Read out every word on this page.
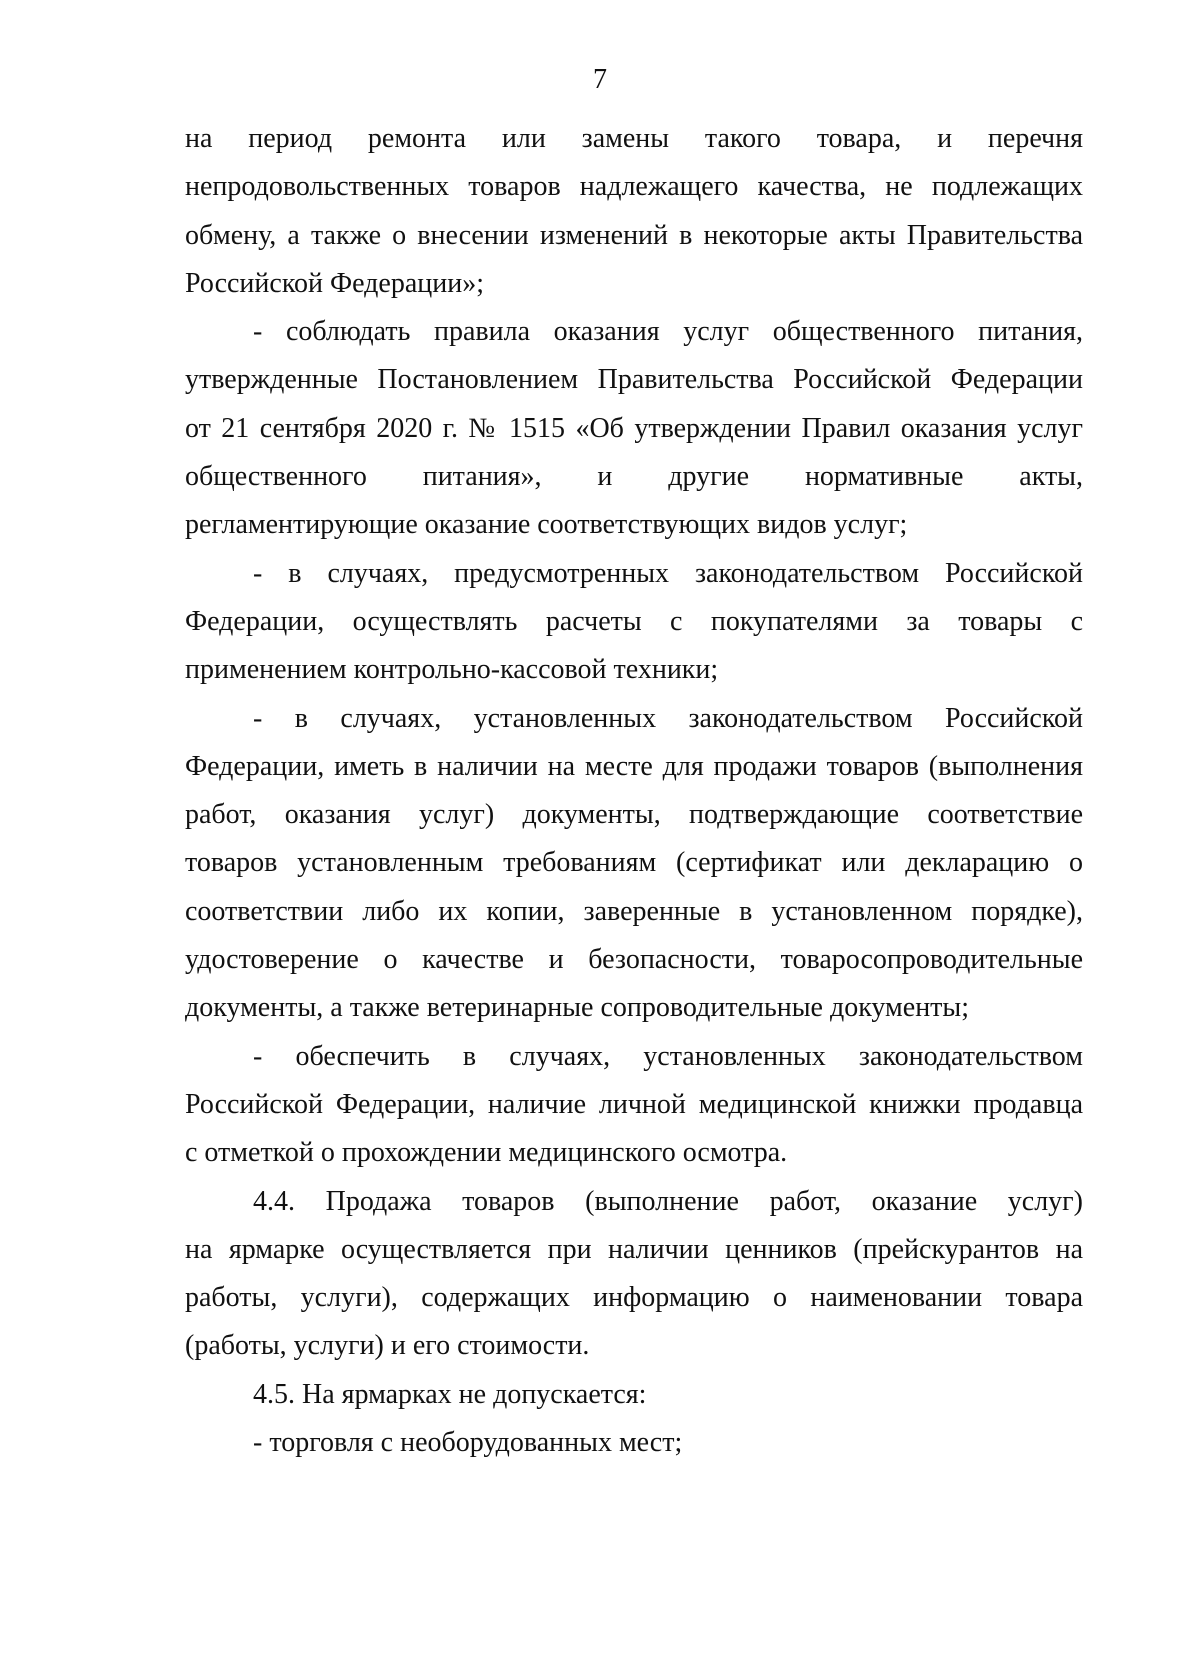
7
на период ремонта или замены такого товара, и перечня
непродовольственных товаров надлежащего качества, не подлежащих
обмену, а также о внесении изменений в некоторые акты Правительства
Российской Федерации»;
- соблюдать правила оказания услуг общественного питания,
утвержденные Постановлением Правительства Российской Федерации
от 21 сентября 2020 г. № 1515 «Об утверждении Правил оказания услуг
общественного питания», и другие нормативные акты,
регламентирующие оказание соответствующих видов услуг;
- в случаях, предусмотренных законодательством Российской
Федерации, осуществлять расчеты с покупателями за товары с
применением контрольно-кассовой техники;
- в случаях, установленных законодательством Российской
Федерации, иметь в наличии на месте для продажи товаров (выполнения
работ, оказания услуг) документы, подтверждающие соответствие
товаров установленным требованиям (сертификат или декларацию о
соответствии либо их копии, заверенные в установленном порядке),
удостоверение о качестве и безопасности, товаросопроводительные
документы, а также ветеринарные сопроводительные документы;
- обеспечить в случаях, установленных законодательством
Российской Федерации, наличие личной медицинской книжки продавца
с отметкой о прохождении медицинского осмотра.
4.4. Продажа товаров (выполнение работ, оказание услуг)
на ярмарке осуществляется при наличии ценников (прейскурантов на
работы, услуги), содержащих информацию о наименовании товара
(работы, услуги) и его стоимости.
4.5. На ярмарках не допускается:
- торговля с необорудованных мест;
